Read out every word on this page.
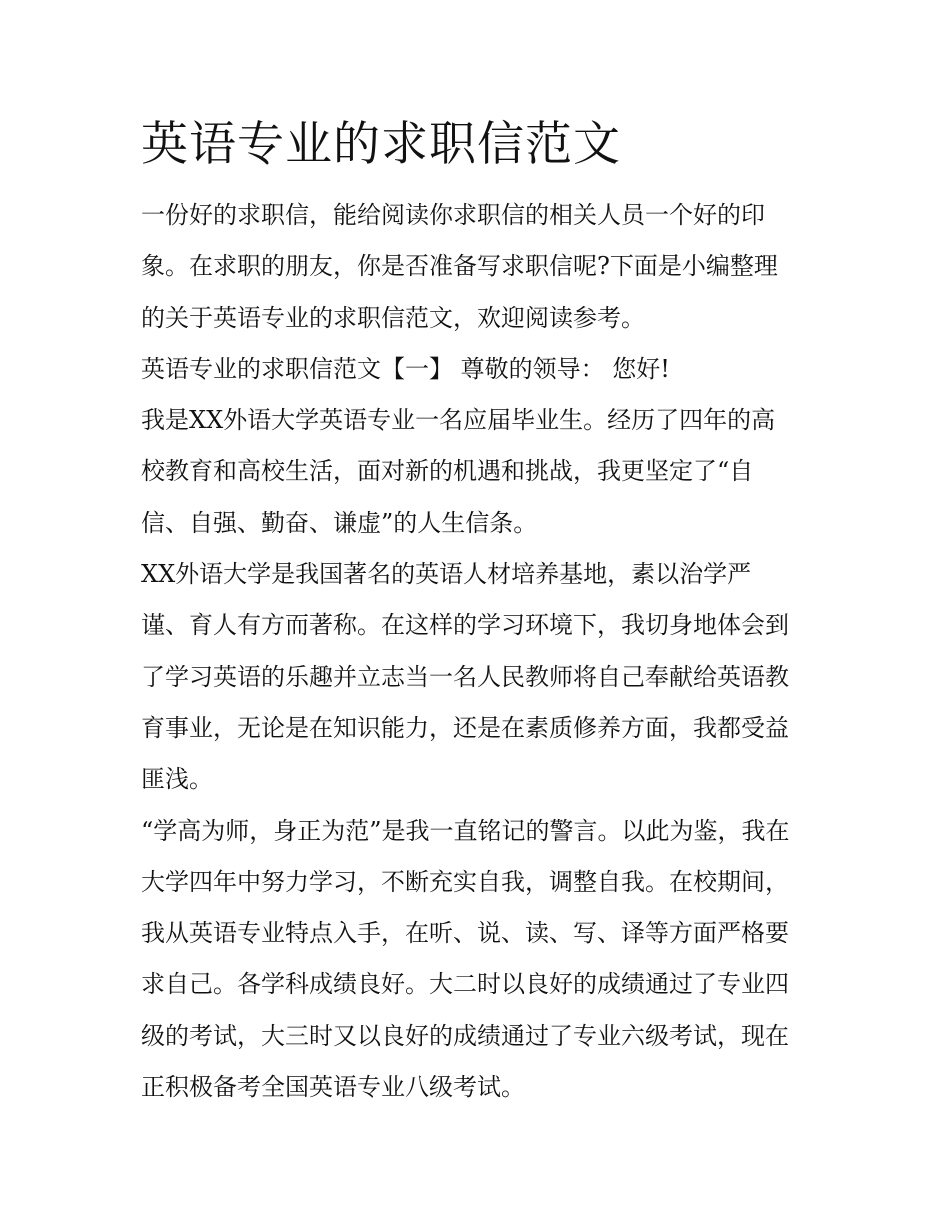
英语专业的求职信范文

一份好的求职信，能给阅读你求职信的相关人员一个好的印

象。在求职的朋友，你是否准备写求职信呢?下面是小编整理

的关于英语专业的求职信范文，欢迎阅读参考。

英语专业的求职信范文【一】 尊敬的领导： 您好!

我是XX外语大学英语专业一名应届毕业生。经历了四年的高

校教育和高校生活，面对新的机遇和挑战，我更坚定了“自

信、自强、勤奋、谦虚”的人生信条。

XX外语大学是我国著名的英语人材培养基地，素以治学严

谨、育人有方而著称。在这样的学习环境下，我切身地体会到

了学习英语的乐趣并立志当一名人民教师将自己奉献给英语教

育事业，无论是在知识能力，还是在素质修养方面，我都受益

匪浅。

“学高为师，身正为范”是我一直铭记的警言。以此为鉴，我在

大学四年中努力学习，不断充实自我，调整自我。在校期间，

我从英语专业特点入手，在听、说、读、写、译等方面严格要

求自己。各学科成绩良好。大二时以良好的成绩通过了专业四

级的考试，大三时又以良好的成绩通过了专业六级考试，现在

正积极备考全国英语专业八级考试。
